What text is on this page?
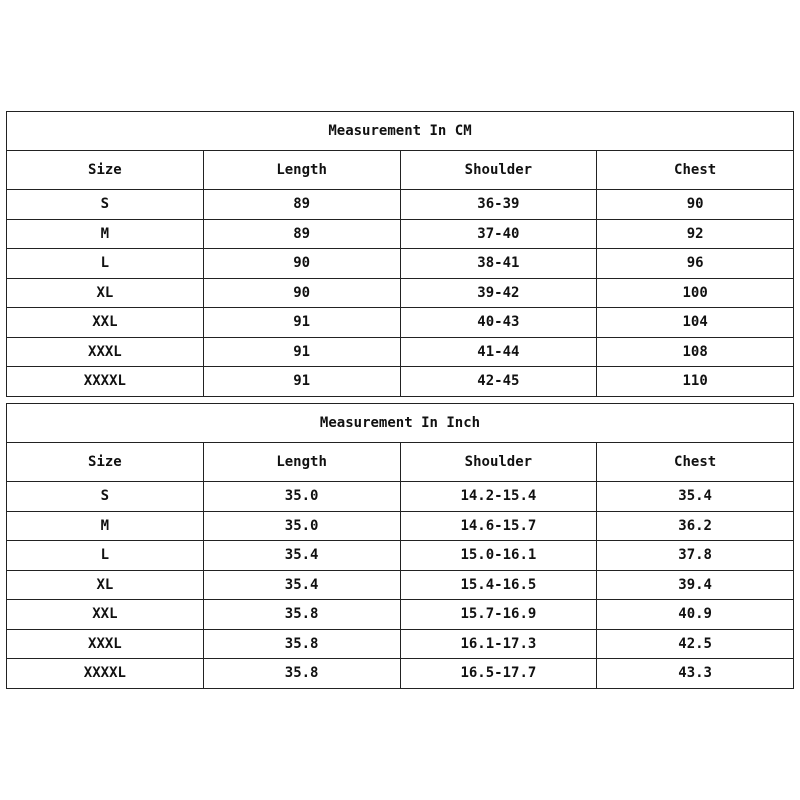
Measurement In CM			
Size	Length	Shoulder	Chest
S	89	36-39	90
M	89	37-40	92
L	90	38-41	96
XL	90	39-42	100
XXL	91	40-43	104
XXXL	91	41-44	108
XXXXL	91	42-45	110
Measurement In Inch			
Size	Length	Shoulder	Chest
S	35.0	14.2-15.4	35.4
M	35.0	14.6-15.7	36.2
L	35.4	15.0-16.1	37.8
XL	35.4	15.4-16.5	39.4
XXL	35.8	15.7-16.9	40.9
XXXL	35.8	16.1-17.3	42.5
XXXXL	35.8	16.5-17.7	43.3
